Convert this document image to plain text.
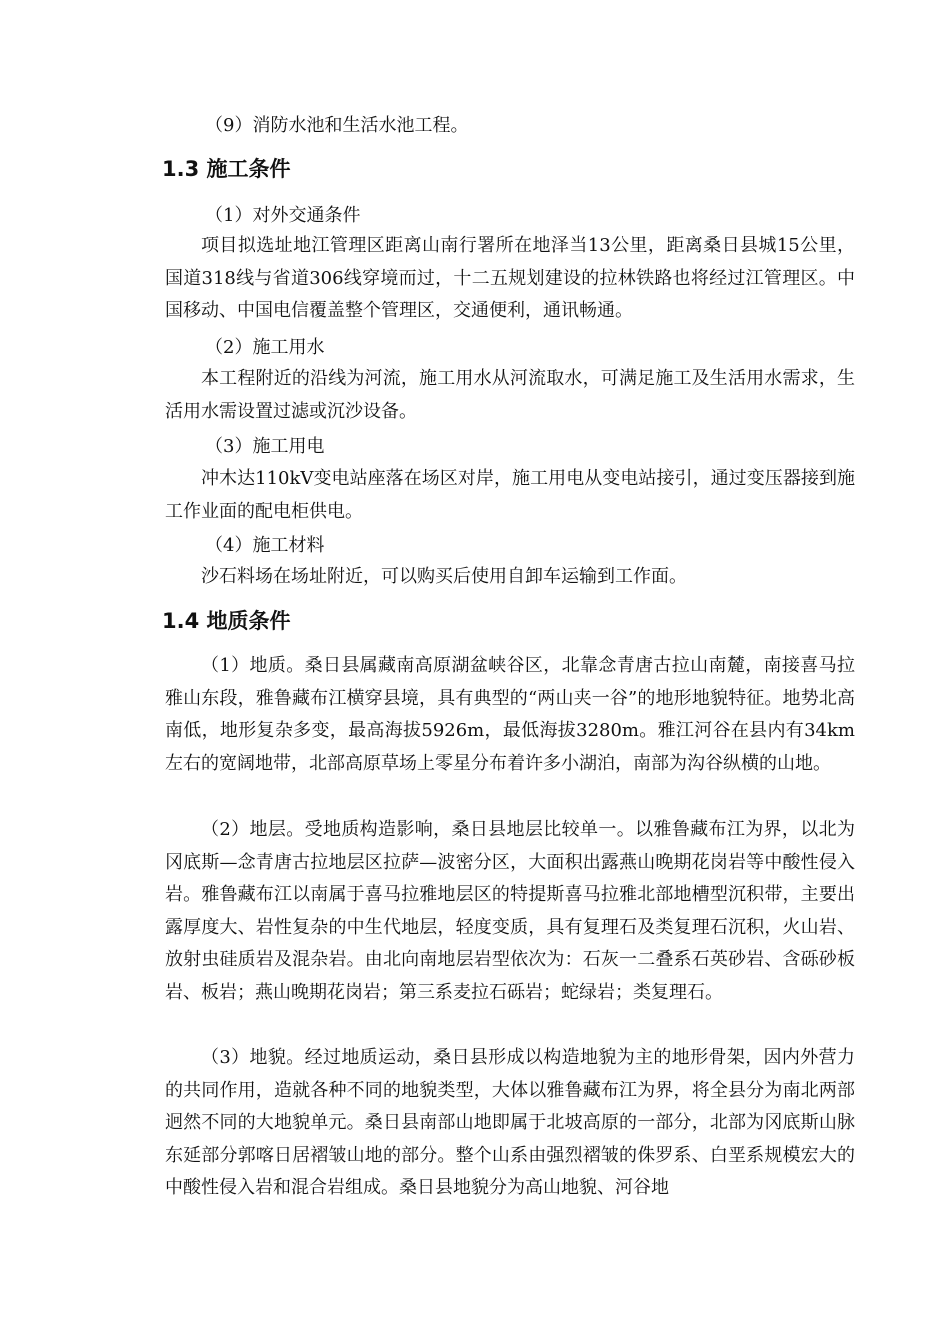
（9）消防水池和生活水池工程。

1.3 施工条件

（1）对外交通条件

项目拟选址地江管理区距离山南行署所在地泽当13公里，距离桑日县城15公里，国道318线与省道306线穿境而过，十二五规划建设的拉林铁路也将经过江管理区。中国移动、中国电信覆盖整个管理区，交通便利，通讯畅通。

（2）施工用水

本工程附近的沿线为河流，施工用水从河流取水，可满足施工及生活用水需求，生活用水需设置过滤或沉沙设备。

（3）施工用电

冲木达110kV变电站座落在场区对岸，施工用电从变电站接引，通过变压器接到施工作业面的配电柜供电。

（4）施工材料

沙石料场在场址附近，可以购买后使用自卸车运输到工作面。

1.4 地质条件

（1）地质。桑日县属藏南高原湖盆峡谷区，北靠念青唐古拉山南麓，南接喜马拉雅山东段，雅鲁藏布江横穿县境，具有典型的“两山夹一谷”的地形地貌特征。地势北高南低，地形复杂多变，最高海拔5926m，最低海拔3280m。雅江河谷在县内有34km左右的宽阔地带，北部高原草场上零星分布着许多小湖泊，南部为沟谷纵横的山地。

（2）地层。受地质构造影响，桑日县地层比较单一。以雅鲁藏布江为界，以北为冈底斯—念青唐古拉地层区拉萨—波密分区，大面积出露燕山晚期花岗岩等中酸性侵入岩。雅鲁藏布江以南属于喜马拉雅地层区的特提斯喜马拉雅北部地槽型沉积带，主要出露厚度大、岩性复杂的中生代地层，轻度变质，具有复理石及类复理石沉积，火山岩、放射虫硅质岩及混杂岩。由北向南地层岩型依次为：石灰一二叠系石英砂岩、含砾砂板岩、板岩；燕山晚期花岗岩；第三系麦拉石砾岩；蛇绿岩；类复理石。

（3）地貌。经过地质运动，桑日县形成以构造地貌为主的地形骨架，因内外营力的共同作用，造就各种不同的地貌类型，大体以雅鲁藏布江为界，将全县分为南北两部迥然不同的大地貌单元。桑日县南部山地即属于北坡高原的一部分，北部为冈底斯山脉东延部分郭喀日居褶皱山地的部分。整个山系由强烈褶皱的侏罗系、白垩系规模宏大的中酸性侵入岩和混合岩组成。桑日县地貌分为高山地貌、河谷地
